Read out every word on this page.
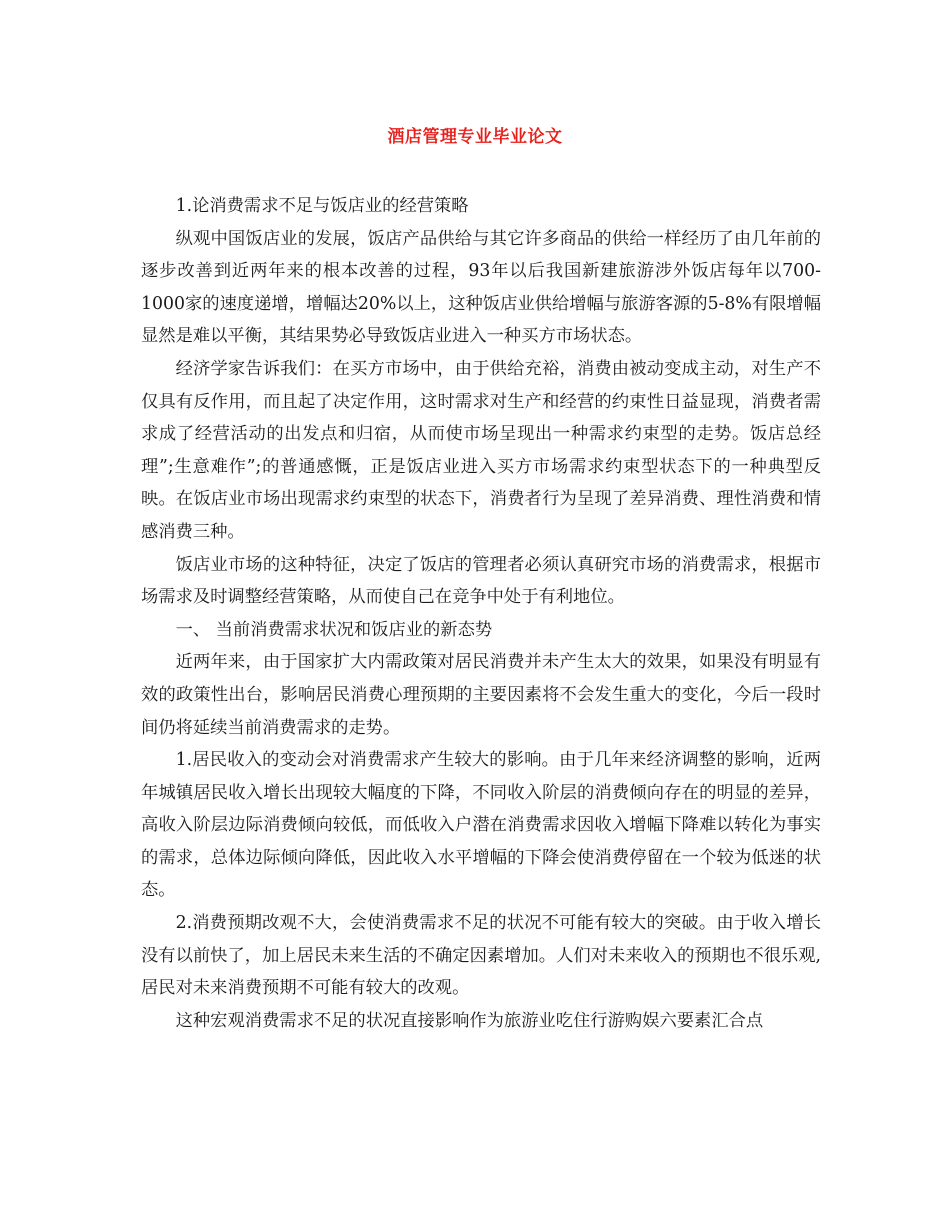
酒店管理专业毕业论文

1.论消费需求不足与饭店业的经营策略

纵观中国饭店业的发展，饭店产品供给与其它许多商品的供给一样经历了由几年前的逐步改善到近两年来的根本改善的过程，93年以后我国新建旅游涉外饭店每年以700-1000家的速度递增，增幅达20%以上，这种饭店业供给增幅与旅游客源的5-8%有限增幅显然是难以平衡，其结果势必导致饭店业进入一种买方市场状态。

经济学家告诉我们：在买方市场中，由于供给充裕，消费由被动变成主动，对生产不仅具有反作用，而且起了决定作用，这时需求对生产和经营的约束性日益显现，消费者需求成了经营活动的出发点和归宿，从而使市场呈现出一种需求约束型的走势。饭店总经理”;生意难作”;的普通感慨，正是饭店业进入买方市场需求约束型状态下的一种典型反映。在饭店业市场出现需求约束型的状态下，消费者行为呈现了差异消费、理性消费和情感消费三种。

饭店业市场的这种特征，决定了饭店的管理者必须认真研究市场的消费需求，根据市场需求及时调整经营策略，从而使自己在竞争中处于有利地位。

一、 当前消费需求状况和饭店业的新态势

近两年来，由于国家扩大内需政策对居民消费并未产生太大的效果，如果没有明显有效的政策性出台，影响居民消费心理预期的主要因素将不会发生重大的变化，今后一段时间仍将延续当前消费需求的走势。

1.居民收入的变动会对消费需求产生较大的影响。由于几年来经济调整的影响，近两年城镇居民收入增长出现较大幅度的下降，不同收入阶层的消费倾向存在的明显的差异，高收入阶层边际消费倾向较低，而低收入户潜在消费需求因收入增幅下降难以转化为事实的需求，总体边际倾向降低，因此收入水平增幅的下降会使消费停留在一个较为低迷的状态。

2.消费预期改观不大，会使消费需求不足的状况不可能有较大的突破。由于收入增长没有以前快了，加上居民未来生活的不确定因素增加。人们对未来收入的预期也不很乐观,居民对未来消费预期不可能有较大的改观。

这种宏观消费需求不足的状况直接影响作为旅游业吃住行游购娱六要素汇合点
